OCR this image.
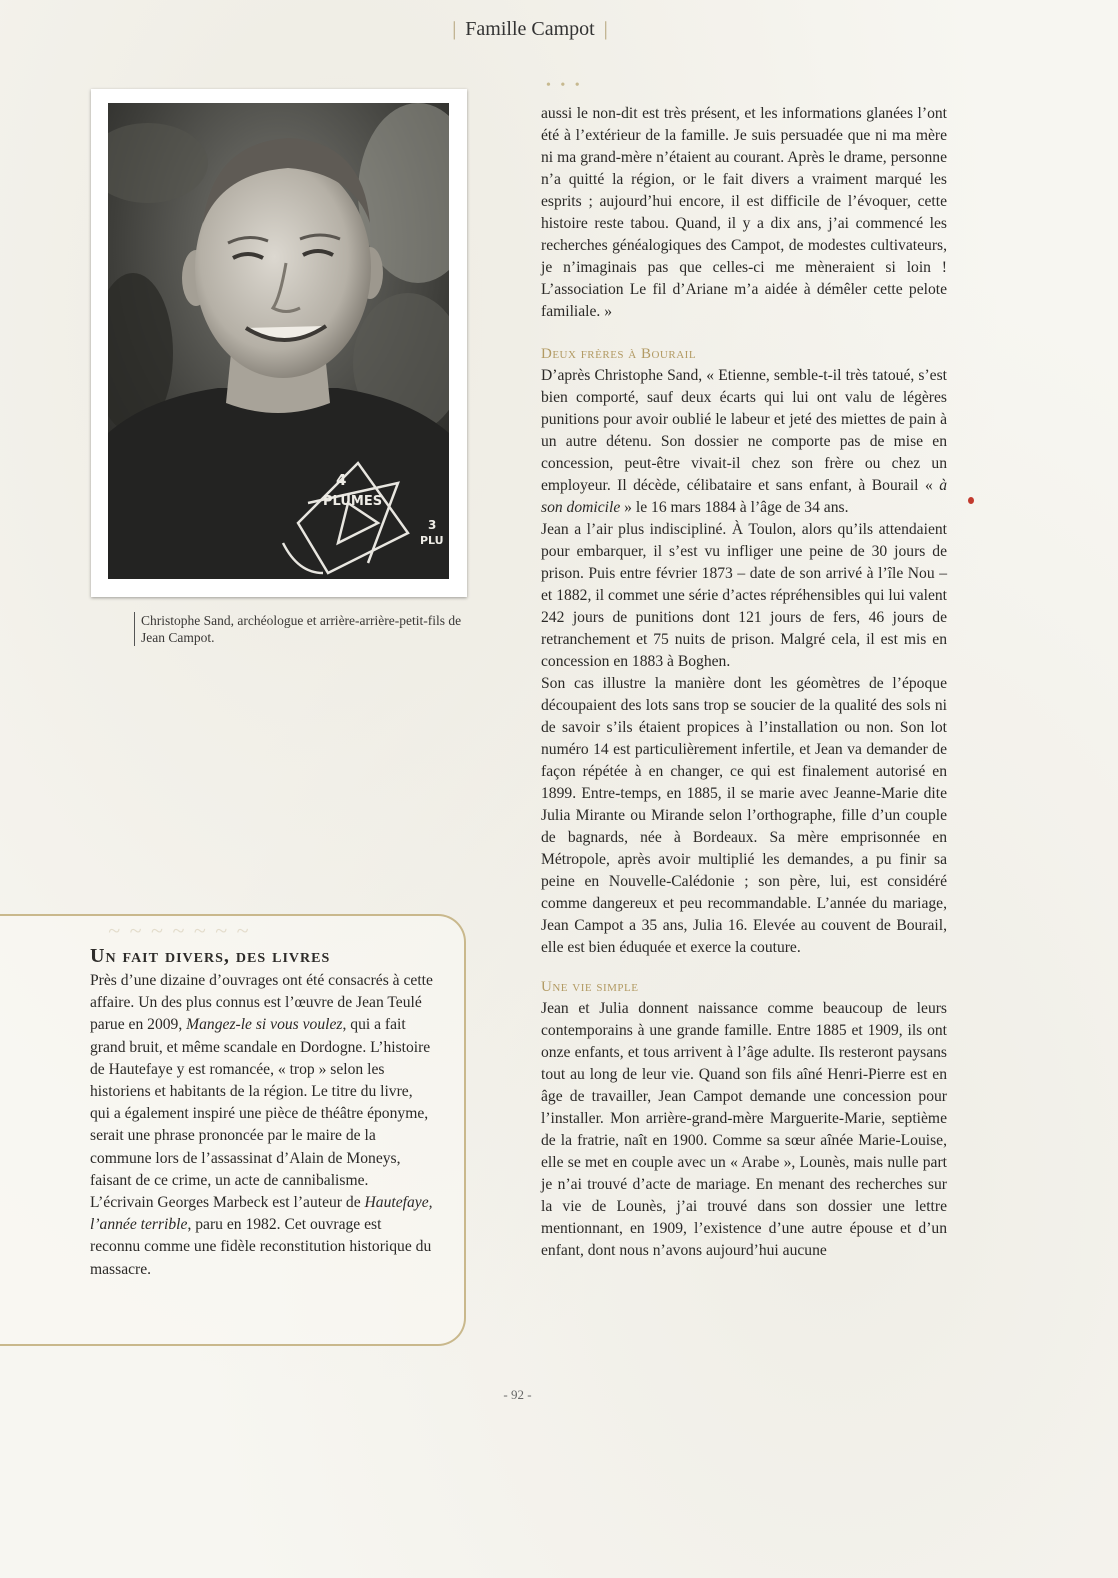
| Famille Campot |
• • •
4
PLUMES
3
PLU
Christophe Sand, archéologue et arrière-arrière-petit-fils de Jean Campot.

aussi le non-dit est très présent, et les informations glanées l’ont été à l’extérieur de la famille. Je suis persuadée que ni ma mère ni ma grand-mère n’étaient au courant. Après le drame, personne n’a quitté la région, or le fait divers a vraiment marqué les esprits ; aujourd’hui encore, il est difficile de l’évoquer, cette histoire reste tabou. Quand, il y a dix ans, j’ai commencé les recherches généalogiques des Campot, de modestes cultivateurs, je n’imaginais pas que celles-ci me mèneraient si loin ! L’association Le fil d’Ariane m’a aidée à démêler cette pelote familiale. »

Deux frères à Bourail

D’après Christophe Sand, « Etienne, semble-t-il très tatoué, s’est bien comporté, sauf deux écarts qui lui ont valu de légères punitions pour avoir oublié le labeur et jeté des miettes de pain à un autre détenu. Son dossier ne comporte pas de mise en concession, peut-être vivait-il chez son frère ou chez un employeur. Il décède, célibataire et sans enfant, à Bourail « à son domicile » le 16 mars 1884 à l’âge de 34 ans.

Jean a l’air plus indiscipliné. À Toulon, alors qu’ils attendaient pour embarquer, il s’est vu infliger une peine de 30 jours de prison. Puis entre février 1873 – date de son arrivé à l’île Nou – et 1882, il commet une série d’actes répréhensibles qui lui valent 242 jours de punitions dont 121 jours de fers, 46 jours de retranchement et 75 nuits de prison. Malgré cela, il est mis en concession en 1883 à Boghen.

Son cas illustre la manière dont les géomètres de l’époque découpaient des lots sans trop se soucier de la qualité des sols ni de savoir s’ils étaient propices à l’installation ou non. Son lot numéro 14 est particulièrement infertile, et Jean va demander de façon répétée à en changer, ce qui est finalement autorisé en 1899. Entre-temps, en 1885, il se marie avec Jeanne-Marie dite Julia Mirante ou Mirande selon l’orthographe, fille d’un couple de bagnards, née à Bordeaux. Sa mère emprisonnée en Métropole, après avoir multiplié les demandes, a pu finir sa peine en Nouvelle-Calédonie ; son père, lui, est considéré comme dangereux et peu recommandable. L’année du mariage, Jean Campot a 35 ans, Julia 16. Elevée au couvent de Bourail, elle est bien éduquée et exerce la couture.

Une vie simple

Jean et Julia donnent naissance comme beaucoup de leurs contemporains à une grande famille. Entre 1885 et 1909, ils ont onze enfants, et tous arrivent à l’âge adulte. Ils resteront paysans tout au long de leur vie. Quand son fils aîné Henri-Pierre est en âge de travailler, Jean Campot demande une concession pour l’installer. Mon arrière-grand-mère Marguerite-Marie, septième de la fratrie, naît en 1900. Comme sa sœur aînée Marie-Louise, elle se met en couple avec un « Arabe », Lounès, mais nulle part je n’ai trouvé d’acte de mariage. En menant des recherches sur la vie de Lounès, j’ai trouvé dans son dossier une lettre mentionnant, en 1909, l’existence d’une autre épouse et d’un enfant, dont nous n’avons aujourd’hui aucune

~ ~ ~ ~ ~ ~ ~
Un fait divers, des livres

Près d’une dizaine d’ouvrages ont été consacrés à cette affaire. Un des plus connus est l’œuvre de Jean Teulé parue en 2009, Mangez-le si vous voulez, qui a fait grand bruit, et même scandale en Dordogne. L’histoire de Hautefaye y est romancée, « trop » selon les historiens et habitants de la région. Le titre du livre, qui a également inspiré une pièce de théâtre éponyme, serait une phrase prononcée par le maire de la commune lors de l’assassinat d’Alain de Moneys, faisant de ce crime, un acte de cannibalisme.

L’écrivain Georges Marbeck est l’auteur de Hautefaye, l’année terrible, paru en 1982. Cet ouvrage est reconnu comme une fidèle reconstitution historique du massacre.

- 92 -
